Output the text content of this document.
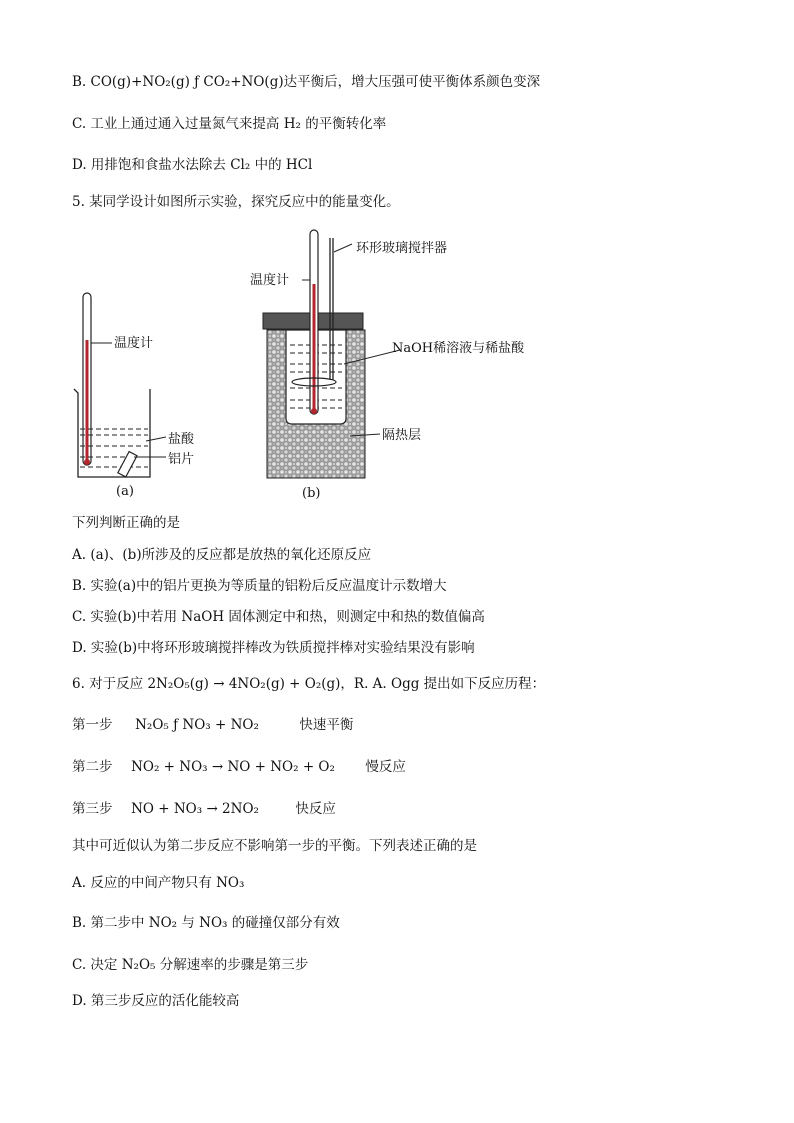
B. CO(g)+NO₂(g) ƒ CO₂+NO(g)达平衡后，增大压强可使平衡体系颜色变深
C. 工业上通过通入过量氮气来提高 H₂ 的平衡转化率
D. 用排饱和食盐水法除去 Cl₂ 中的 HCl
5. 某同学设计如图所示实验，探究反应中的能量变化。
温度计
盐酸
铝片
(a)
环形玻璃搅拌器
温度计
NaOH稀溶液与稀盐酸
隔热层
(b)
下列判断正确的是
A. (a)、(b)所涉及的反应都是放热的氧化还原反应
B. 实验(a)中的铝片更换为等质量的铝粉后反应温度计示数增大
C. 实验(b)中若用 NaOH 固体测定中和热，则测定中和热的数值偏高
D. 实验(b)中将环形玻璃搅拌棒改为铁质搅拌棒对实验结果没有影响
6. 对于反应 2N₂O₅(g) → 4NO₂(g) + O₂(g)，R. A. Ogg 提出如下反应历程：
第一步 N₂O₅ ƒ NO₃ + NO₂	快速平衡
第二步 NO₂ + NO₃ → NO + NO₂ + O₂ 慢反应
第三步 NO + NO₃ → 2NO₂	快反应
其中可近似认为第二步反应不影响第一步的平衡。下列表述正确的是
A. 反应的中间产物只有 NO₃
B. 第二步中 NO₂ 与 NO₃ 的碰撞仅部分有效
C. 决定 N₂O₅ 分解速率的步骤是第三步
D. 第三步反应的活化能较高
